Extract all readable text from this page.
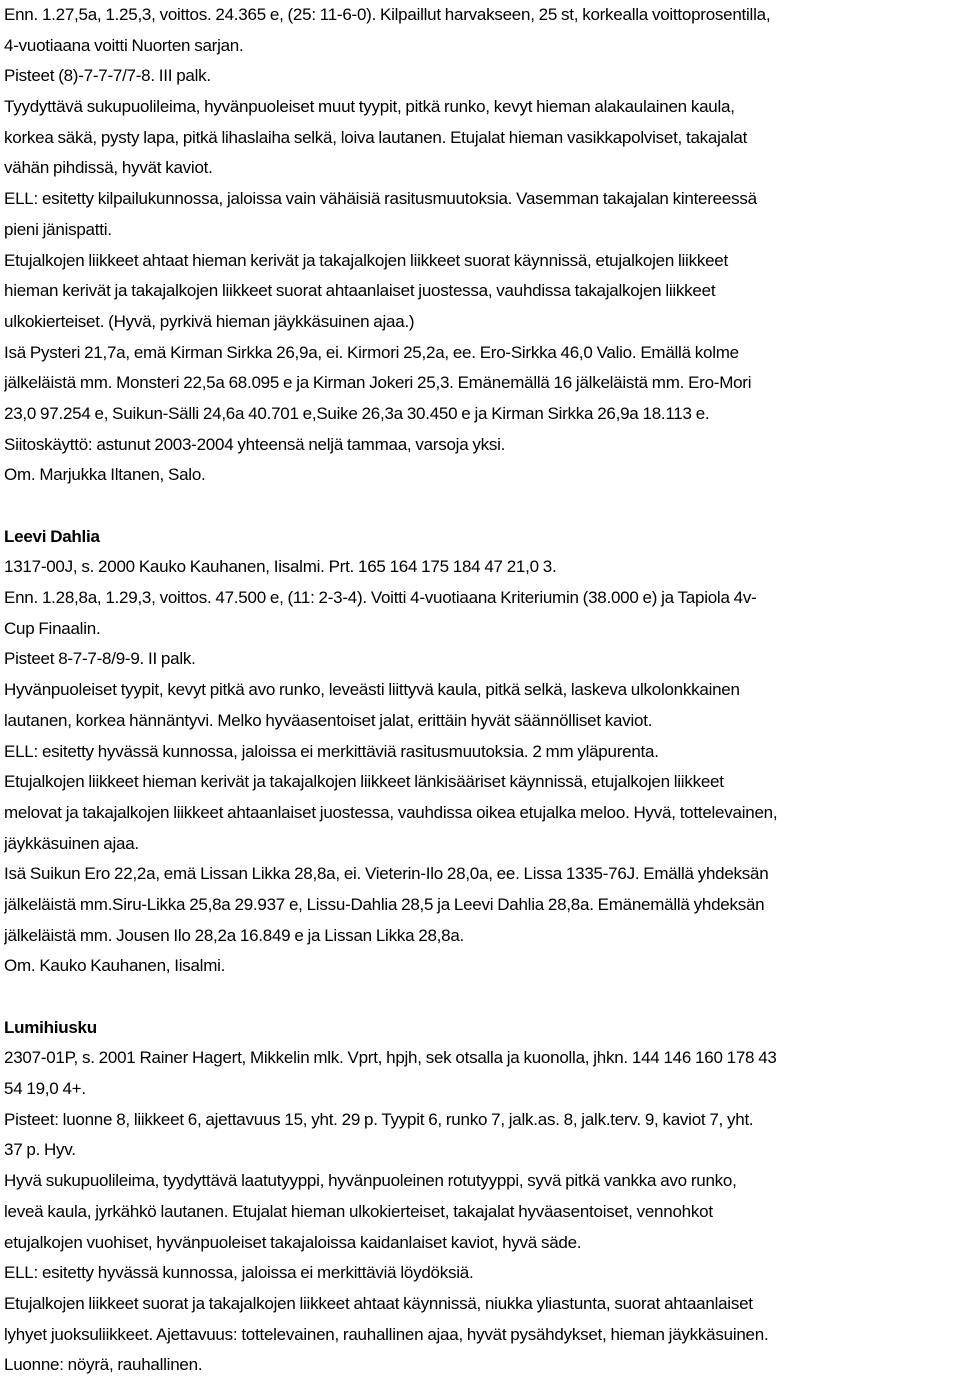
Enn. 1.27,5a, 1.25,3, voittos. 24.365 e, (25: 11-6-0). Kilpaillut harvakseen, 25 st, korkealla voittoprosentilla,
4-vuotiaana voitti Nuorten sarjan.
Pisteet (8)-7-7-7/7-8. III palk.
Tyydyttävä sukupuolileima, hyvänpuoleiset muut tyypit, pitkä runko, kevyt hieman alakaulainen kaula,
korkea säkä, pysty lapa, pitkä lihaslaiha selkä, loiva lautanen. Etujalat hieman vasikkapolviset, takajalat
vähän pihdissä, hyvät kaviot.
ELL: esitetty kilpailukunnossa, jaloissa vain vähäisiä rasitusmuutoksia. Vasemman takajalan kintereessä
pieni jänispatti.
Etujalkojen liikkeet ahtaat hieman kerivät ja takajalkojen liikkeet suorat käynnissä, etujalkojen liikkeet
hieman kerivät ja takajalkojen liikkeet suorat ahtaanlaiset juostessa, vauhdissa takajalkojen liikkeet
ulkokierteiset. (Hyvä, pyrkivä hieman jäykkäsuinen ajaa.)
Isä Pysteri 21,7a, emä Kirman Sirkka 26,9a, ei. Kirmori 25,2a, ee. Ero-Sirkka 46,0 Valio. Emällä kolme
jälkeläistä mm. Monsteri 22,5a 68.095 e ja Kirman Jokeri 25,3. Emänemällä 16 jälkeläistä mm. Ero-Mori
23,0 97.254 e, Suikun-Sälli 24,6a 40.701 e,Suike 26,3a 30.450 e ja Kirman Sirkka 26,9a 18.113 e.
Siitoskäyttö: astunut 2003-2004 yhteensä neljä tammaa, varsoja yksi.
Om. Marjukka Iltanen, Salo.
Leevi Dahlia
1317-00J, s. 2000 Kauko Kauhanen, Iisalmi. Prt. 165 164 175 184 47 21,0 3.
Enn. 1.28,8a, 1.29,3, voittos. 47.500 e, (11: 2-3-4). Voitti 4-vuotiaana Kriteriumin (38.000 e) ja Tapiola 4v-
Cup Finaalin.
Pisteet 8-7-7-8/9-9. II palk.
Hyvänpuoleiset tyypit, kevyt pitkä avo runko, leveästi liittyvä kaula, pitkä selkä, laskeva ulkolonkkainen
lautanen, korkea hännäntyvi. Melko hyväasentoiset jalat, erittäin hyvät säännölliset kaviot.
ELL: esitetty hyvässä kunnossa, jaloissa ei merkittäviä rasitusmuutoksia. 2 mm yläpurenta.
Etujalkojen liikkeet hieman kerivät ja takajalkojen liikkeet länkisääriset käynnissä, etujalkojen liikkeet
melovat ja takajalkojen liikkeet ahtaanlaiset juostessa, vauhdissa oikea etujalka meloo. Hyvä, tottelevainen,
jäykkäsuinen ajaa.
Isä Suikun Ero 22,2a, emä Lissan Likka 28,8a, ei. Vieterin-Ilo 28,0a, ee. Lissa 1335-76J. Emällä yhdeksän
jälkeläistä mm.Siru-Likka 25,8a 29.937 e, Lissu-Dahlia 28,5 ja Leevi Dahlia 28,8a. Emänemällä yhdeksän
jälkeläistä mm. Jousen Ilo 28,2a 16.849 e ja Lissan Likka 28,8a.
Om. Kauko Kauhanen, Iisalmi.
Lumihiusku
2307-01P, s. 2001 Rainer Hagert, Mikkelin mlk. Vprt, hpjh, sek otsalla ja kuonolla, jhkn. 144 146 160 178 43
54 19,0 4+.
Pisteet: luonne 8, liikkeet 6, ajettavuus 15, yht. 29 p. Tyypit 6, runko 7, jalk.as. 8, jalk.terv. 9, kaviot 7, yht.
37 p. Hyv.
Hyvä sukupuolileima, tyydyttävä laatutyyppi, hyvänpuoleinen rotutyyppi, syvä pitkä vankka avo runko,
leveä kaula, jyrkähkö lautanen. Etujalat hieman ulkokierteiset, takajalat hyväasentoiset, vennohkot
etujalkojen vuohiset, hyvänpuoleiset takajaloissa kaidanlaiset kaviot, hyvä säde.
ELL: esitetty hyvässä kunnossa, jaloissa ei merkittäviä löydöksiä.
Etujalkojen liikkeet suorat ja takajalkojen liikkeet ahtaat käynnissä, niukka yliastunta, suorat ahtaanlaiset
lyhyet juoksuliikkeet. Ajettavuus: tottelevainen, rauhallinen ajaa, hyvät pysähdykset, hieman jäykkäsuinen.
Luonne: nöyrä, rauhallinen.
